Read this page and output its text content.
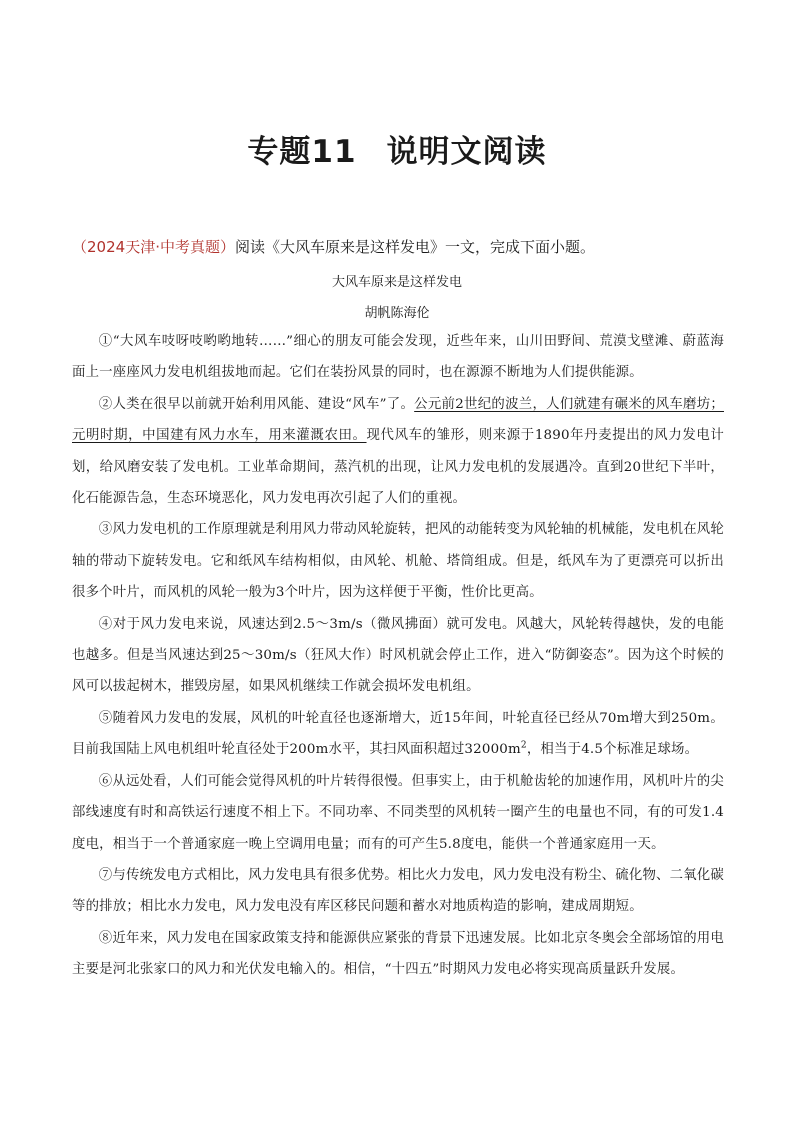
专题11 说明文阅读
（2024天津·中考真题）阅读《大风车原来是这样发电》一文，完成下面小题。
大风车原来是这样发电
胡帆陈海伦

①“大风车吱呀吱哟哟地转……”细心的朋友可能会发现，近些年来，山川田野间、荒漠戈壁滩、蔚蓝海面上一座座风力发电机组拔地而起。它们在装扮风景的同时，也在源源不断地为人们提供能源。

②人类在很早以前就开始利用风能、建设“风车”了。公元前2世纪的波兰，人们就建有碾米的风车磨坊；元明时期，中国建有风力水车，用来灌溉农田。现代风车的雏形，则来源于1890年丹麦提出的风力发电计划，给风磨安装了发电机。工业革命期间，蒸汽机的出现，让风力发电机的发展遇冷。直到20世纪下半叶，化石能源告急，生态环境恶化，风力发电再次引起了人们的重视。

③风力发电机的工作原理就是利用风力带动风轮旋转，把风的动能转变为风轮轴的机械能，发电机在风轮轴的带动下旋转发电。它和纸风车结构相似，由风轮、机舱、塔筒组成。但是，纸风车为了更漂亮可以折出很多个叶片，而风机的风轮一般为3个叶片，因为这样便于平衡，性价比更高。

④对于风力发电来说，风速达到2.5～3m/s（微风拂面）就可发电。风越大，风轮转得越快，发的电能也越多。但是当风速达到25～30m/s（狂风大作）时风机就会停止工作，进入“防御姿态”。因为这个时候的风可以拔起树木，摧毁房屋，如果风机继续工作就会损坏发电机组。

⑤随着风力发电的发展，风机的叶轮直径也逐渐增大，近15年间，叶轮直径已经从70m增大到250m。目前我国陆上风电机组叶轮直径处于200m水平，其扫风面积超过$32000m^2$，相当于4.5个标准足球场。

⑥从远处看，人们可能会觉得风机的叶片转得很慢。但事实上，由于机舱齿轮的加速作用，风机叶片的尖部线速度有时和高铁运行速度不相上下。不同功率、不同类型的风机转一圈产生的电量也不同，有的可发1.4度电，相当于一个普通家庭一晚上空调用电量；而有的可产生5.8度电，能供一个普通家庭用一天。

⑦与传统发电方式相比，风力发电具有很多优势。相比火力发电，风力发电没有粉尘、硫化物、二氧化碳等的排放；相比水力发电，风力发电没有库区移民问题和蓄水对地质构造的影响，建成周期短。

⑧近年来，风力发电在国家政策支持和能源供应紧张的背景下迅速发展。比如北京冬奥会全部场馆的用电主要是河北张家口的风力和光伏发电输入的。相信，“十四五”时期风力发电必将实现高质量跃升发展。
